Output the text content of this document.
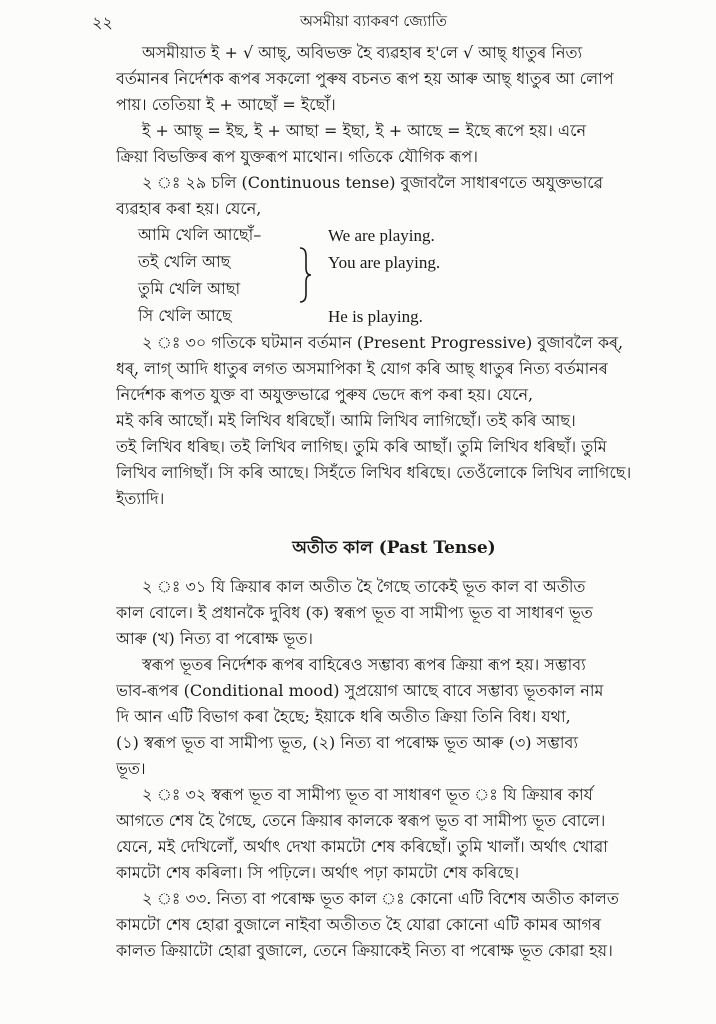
২২	অসমীয়া ব্যাকৰণ জ্যোতি
অসমীয়াত ই + √ আছ্, অবিভক্ত হৈ ব্যৱহাৰ হ'লে √ আছ্ ধাতুৰ নিত্য
বৰ্তমানৰ নিৰ্দেশক ৰূপৰ সকলো পুৰুষ বচনত ৰূপ হয় আৰু আছ্ ধাতুৰ আ লোপ
পায়। তেতিয়া ই + আছোঁ = ইছোঁ।
ই + আছ্ = ইছ, ই + আছা = ইছা, ই + আছে = ইছে ৰূপে হয়। এনে
ক্ৰিয়া বিভক্তিৰ ৰূপ যুক্তৰূপ মাথোন। গতিকে যৌগিক ৰূপ।
২ ঃ ২৯ চলি (Continuous tense) বুজাবলৈ সাধাৰণতে অযুক্তভাৱে
ব্যৱহাৰ কৰা হয়। যেনে,
আমি খেলি আছোঁ–	We are playing.
তই খেলি আছ	You are playing.
তুমি খেলি আছা
সি খেলি আছে	He is playing.
২ ঃ ৩০ গতিকে ঘটমান বৰ্তমান (Present Progressive) বুজাবলৈ কৰ্,
ধৰ্, লাগ্ আদি ধাতুৰ লগত অসমাপিকা ই যোগ কৰি আছ্ ধাতুৰ নিত্য বৰ্তমানৰ
নিৰ্দেশক ৰূপত যুক্ত বা অযুক্তভাৱে পুৰুষ ভেদে ৰূপ কৰা হয়। যেনে,
মই কৰি আছোঁ। মই লিখিব ধৰিছোঁ। আমি লিখিব লাগিছোঁ। তই কৰি আছ।
তই লিখিব ধৰিছ। তই লিখিব লাগিছ। তুমি কৰি আছাঁ। তুমি লিখিব ধৰিছাঁ। তুমি
লিখিব লাগিছাঁ। সি কৰি আছে। সিহঁতে লিখিব ধৰিছে। তেওঁলোকে লিখিব লাগিছে।
ইত্যাদি।
অতীত কাল (Past Tense)
২ ঃ ৩১ যি ক্ৰিয়াৰ কাল অতীত হৈ গৈছে তাকেই ভূত কাল বা অতীত
কাল বোলে। ই প্ৰধানকৈ দুবিধ (ক) স্বৰূপ ভূত বা সামীপ্য ভূত বা সাধাৰণ ভূত
আৰু (খ) নিত্য বা পৰোক্ষ ভূত।
স্বৰূপ ভূতৰ নিৰ্দেশক ৰূপৰ বাহিৰেও সম্ভাব্য ৰূপৰ ক্ৰিয়া ৰূপ হয়। সম্ভাব্য
ভাব-ৰূপৰ (Conditional mood) সুপ্ৰয়োগ আছে বাবে সম্ভাব্য ভূতকাল নাম
দি আন এটি বিভাগ কৰা হৈছে; ইয়াকে ধৰি অতীত ক্ৰিয়া তিনি বিধ। যথা,
(১) স্বৰূপ ভূত বা সামীপ্য ভূত, (২) নিত্য বা পৰোক্ষ ভূত আৰু (৩) সম্ভাব্য
ভূত।
২ ঃ ৩২ স্বৰূপ ভূত বা সামীপ্য ভূত বা সাধাৰণ ভূত ঃ যি ক্ৰিয়াৰ কাৰ্য
আগতে শেষ হৈ গৈছে, তেনে ক্ৰিয়াৰ কালকে স্বৰূপ ভূত বা সামীপ্য ভূত বোলে।
যেনে, মই দেখিলোঁ, অৰ্থাৎ দেখা কামটো শেষ কৰিছোঁ। তুমি খালাঁ। অৰ্থাৎ খোৱা
কামটো শেষ কৰিলা। সি পঢ়িলে। অৰ্থাৎ পঢ়া কামটো শেষ কৰিছে।
২ ঃ ৩৩. নিত্য বা পৰোক্ষ ভূত কাল ঃ কোনো এটি বিশেষ অতীত কালত
কামটো শেষ হোৱা বুজালে নাইবা অতীতত হৈ যোৱা কোনো এটি কামৰ আগৰ
কালত ক্ৰিয়াটো হোৱা বুজালে, তেনে ক্ৰিয়াকেই নিত্য বা পৰোক্ষ ভূত কোৱা হয়।
